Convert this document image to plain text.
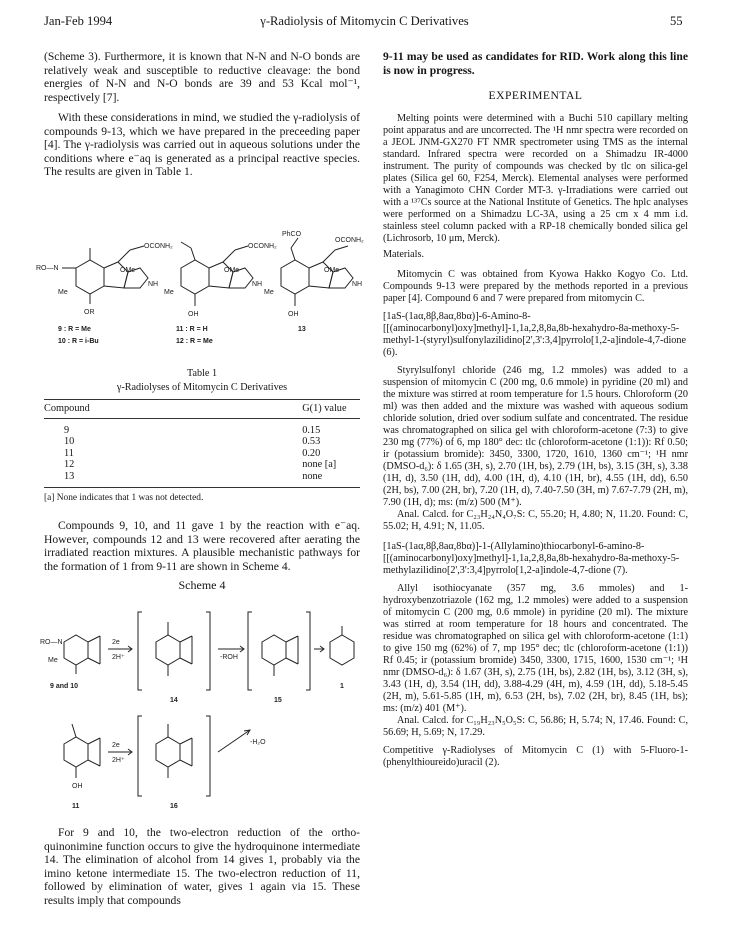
Jan-Feb 1994	γ-Radiolysis of Mitomycin C Derivatives	55

(Scheme 3). Furthermore, it is known that N-N and N-O bonds are relatively weak and susceptible to reductive cleavage: the bond energies of N-N and N-O bonds are 39 and 53 Kcal mol⁻¹, respectively [7].

With these considerations in mind, we studied the γ-radiolysis of compounds 9-13, which we have prepared in the preceeding paper [4]. The γ-radiolysis was carried out in aqueous solutions under the conditions where e⁻aq is generated as a principal reactive species. The results are given in Table 1.

RO—N
OCONH₂
OMe
Me
NH
OR
OCONH₂
OMe
Me
NH
OH
PhCO
OCONH₂
OMe
Me
NH
OH
9 : R = Me	11 : R = H	13
10 : R = i-Bu	12 : R = Me
Table 1
γ-Radiolyses of Mitomycin C Derivatives
Compound	G(1) value

9	0.15
10	0.53
11	0.20
12	none [a]
13	none

[a] None indicates that 1 was not detected.

Compounds 9, 10, and 11 gave 1 by the reaction with e⁻aq. However, compounds 12 and 13 were recovered after aerating the irradiated reaction mixtures. A plausible mechanistic pathways for the formation of 1 from 9-11 are shown in Scheme 4.

Scheme 4
RO—N
Me
2e
2H⁺	-ROH
2e
2H⁺
-H₂O
9 and 10
14	15
1
OH
11	16

For 9 and 10, the two-electron reduction of the ortho-quinonimine function occurs to give the hydroquinone intermediate 14. The elimination of alcohol from 14 gives 1, probably via the imino ketone intermediate 15. The two-electron reduction of 11, followed by elimination of water, gives 1 again via 15. These results imply that compounds

9-11 may be used as candidates for RID. Work along this line is now in progress.

EXPERIMENTAL

Melting points were determined with a Buchi 510 capillary melting point apparatus and are uncorrected. The ¹H nmr spectra were recorded on a JEOL JNM-GX270 FT NMR spectrometer using TMS as the internal standard. Infrared spectra were recorded on a Shimadzu IR-4000 instrument. The purity of compounds was checked by tlc on silica-gel plates (Silica gel 60, F254, Merck). Elemental analyses were performed with a Yanagimoto CHN Corder MT-3. γ-Irradiations were carried out with a ¹³⁷Cs source at the National Institute of Genetics. The hplc analyses were performed on a Shimadzu LC-3A, using a 25 cm x 4 mm i.d. stainless steel column packed with a RP-18 chemically bonded silica gel (Lichrosorb, 10 μm, Merck).

Materials.

Mitomycin C was obtained from Kyowa Hakko Kogyo Co. Ltd. Compounds 9-13 were prepared by the methods reported in a previous paper [4]. Compound 6 and 7 were prepared from mitomycin C.

[1aS-(1aα,8β,8aα,8bα)]-6-Amino-8-[[(aminocarbonyl)oxy]methyl]-1,1a,2,8,8a,8b-hexahydro-8a-methoxy-5-methyl-1-(styryl)sulfonylazilidino[2',3':3,4]pyrrolo[1,2-a]indole-4,7-dione (6).

Styrylsulfonyl chloride (246 mg, 1.2 mmoles) was added to a suspension of mitomycin C (200 mg, 0.6 mmole) in pyridine (20 ml) and the mixture was stirred at room temperature for 1.5 hours. Chloroform (20 ml) was then added and the mixture was washed with aqueous sodium chloride solution, dried over sodium sulfate and concentrated. The residue was chromatographed on silica gel with chloroform-acetone (7:3) to give 230 mg (77%) of 6, mp 180° dec: tlc (chloroform-acetone (1:1)): Rf 0.50; ir (potassium bromide): 3450, 3300, 1720, 1610, 1360 cm⁻¹; ¹H nmr (DMSO-d₆): δ 1.65 (3H, s), 2.70 (1H, bs), 2.79 (1H, bs), 3.15 (3H, s), 3.38 (1H, d), 3.50 (1H, dd), 4.00 (1H, d), 4.10 (1H, br), 4.55 (1H, dd), 6.50 (2H, bs), 7.00 (2H, br), 7.20 (1H, d), 7.40-7.50 (3H, m) 7.67-7.79 (2H, m), 7.90 (1H, d); ms: (m/z) 500 (M⁺).

Anal. Calcd. for C₂₃H₂₄N₄O₇S: C, 55.20; H, 4.80; N, 11.20. Found: C, 55.02; H, 4.91; N, 11.05.

[1aS-(1aα,8β,8aα,8bα)]-1-(Allylamino)thiocarbonyl-6-amino-8-[[(aminocarbonyl)oxy]methyl]-1,1a,2,8,8a,8b-hexahydro-8a-methoxy-5-methylazilidino[2',3':3,4]pyrrolo[1,2-a]indole-4,7-dione (7).

Allyl isothiocyanate (357 mg, 3.6 mmoles) and 1-hydroxybenzotriazole (162 mg, 1.2 mmoles) were added to a suspension of mitomycin C (200 mg, 0.6 mmole) in pyridine (20 ml). The mixture was stirred at room temperature for 18 hours and concentrated. The residue was chromatographed on silica gel with chloroform-acetone (1:1) to give 150 mg (62%) of 7, mp 195° dec; tlc (chloroform-acetone (1:1)) Rf 0.45; ir (potassium bromide) 3450, 3300, 1715, 1600, 1530 cm⁻¹; ¹H nmr (DMSO-d₆): δ 1.67 (3H, s), 2.75 (1H, bs), 2.82 (1H, bs), 3.12 (3H, s), 3.43 (1H, d), 3.54 (1H, dd), 3.88-4.29 (4H, m), 4.59 (1H, dd), 5.18-5.45 (2H, m), 5.61-5.85 (1H, m), 6.53 (2H, bs), 7.02 (2H, br), 8.45 (1H, bs); ms: (m/z) 401 (M⁺).

Anal. Calcd. for C₁₉H₂₃N₅O₅S: C, 56.86; H, 5.74; N, 17.46. Found: C, 56.69; H, 5.69; N, 17.29.

Competitive γ-Radiolyses of Mitomycin C (1) with 5-Fluoro-1-(phenylthioureido)uracil (2).
